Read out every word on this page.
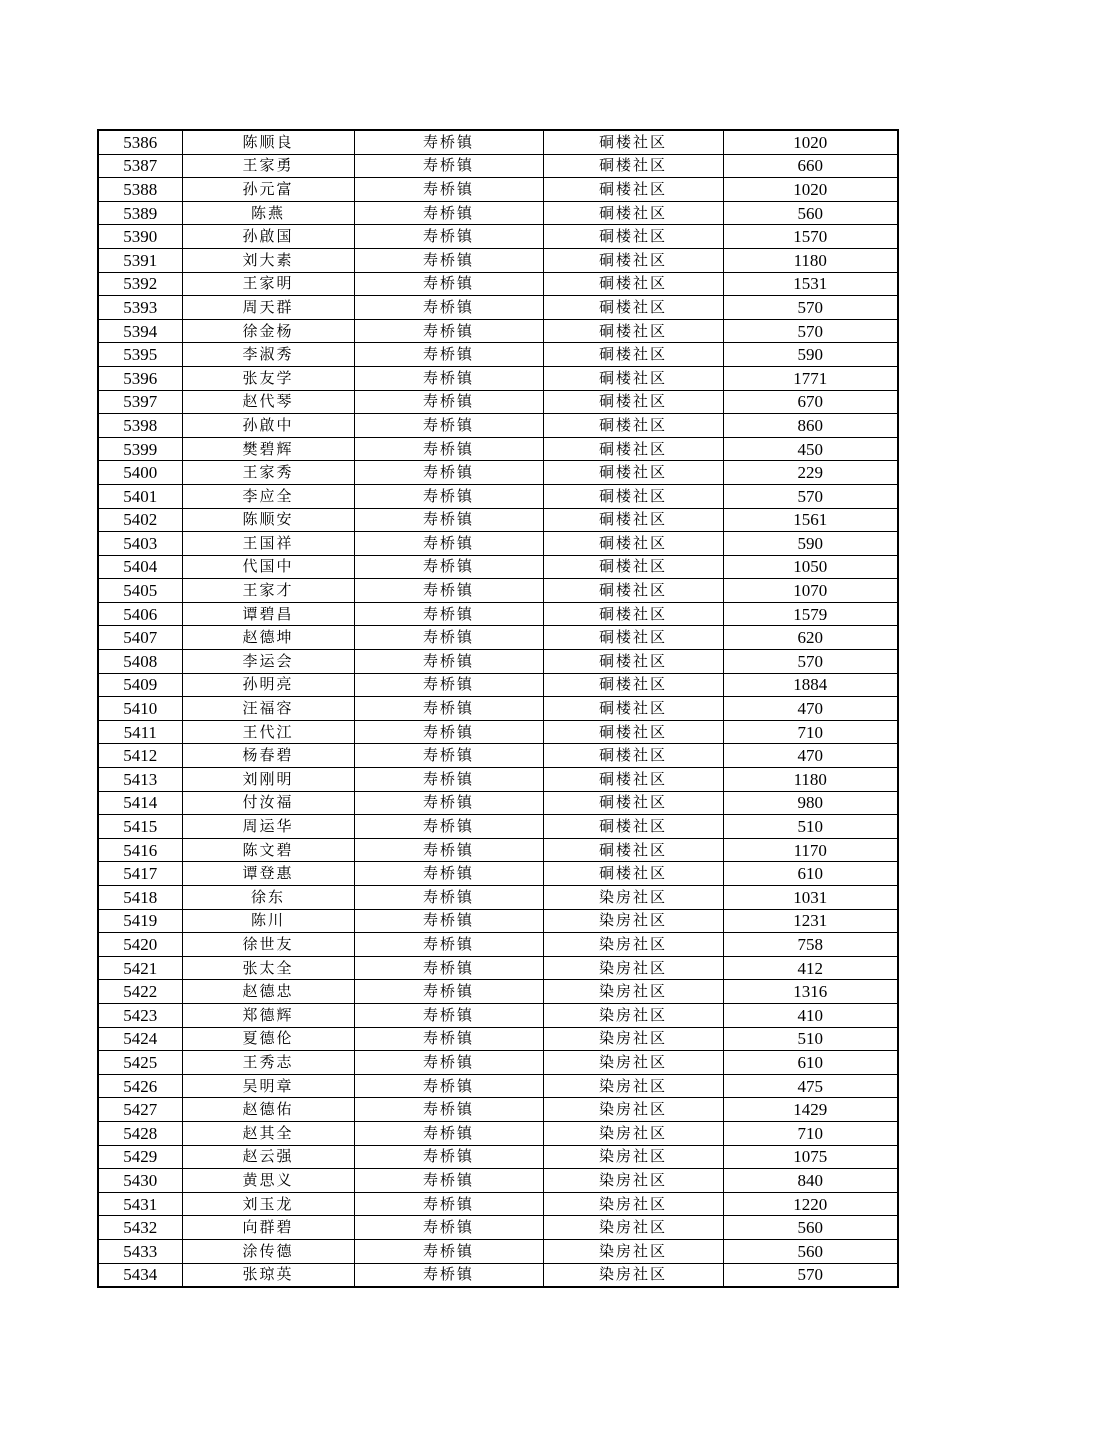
5386	陈顺良	寿桥镇	硐楼社区	1020
5387	王家勇	寿桥镇	硐楼社区	660
5388	孙元富	寿桥镇	硐楼社区	1020
5389	陈燕	寿桥镇	硐楼社区	560
5390	孙啟国	寿桥镇	硐楼社区	1570
5391	刘大素	寿桥镇	硐楼社区	1180
5392	王家明	寿桥镇	硐楼社区	1531
5393	周天群	寿桥镇	硐楼社区	570
5394	徐金杨	寿桥镇	硐楼社区	570
5395	李淑秀	寿桥镇	硐楼社区	590
5396	张友学	寿桥镇	硐楼社区	1771
5397	赵代琴	寿桥镇	硐楼社区	670
5398	孙啟中	寿桥镇	硐楼社区	860
5399	樊碧辉	寿桥镇	硐楼社区	450
5400	王家秀	寿桥镇	硐楼社区	229
5401	李应全	寿桥镇	硐楼社区	570
5402	陈顺安	寿桥镇	硐楼社区	1561
5403	王国祥	寿桥镇	硐楼社区	590
5404	代国中	寿桥镇	硐楼社区	1050
5405	王家才	寿桥镇	硐楼社区	1070
5406	谭碧昌	寿桥镇	硐楼社区	1579
5407	赵德坤	寿桥镇	硐楼社区	620
5408	李运会	寿桥镇	硐楼社区	570
5409	孙明亮	寿桥镇	硐楼社区	1884
5410	汪福容	寿桥镇	硐楼社区	470
5411	王代江	寿桥镇	硐楼社区	710
5412	杨春碧	寿桥镇	硐楼社区	470
5413	刘刚明	寿桥镇	硐楼社区	1180
5414	付汝福	寿桥镇	硐楼社区	980
5415	周运华	寿桥镇	硐楼社区	510
5416	陈文碧	寿桥镇	硐楼社区	1170
5417	谭登惠	寿桥镇	硐楼社区	610
5418	徐东	寿桥镇	染房社区	1031
5419	陈川	寿桥镇	染房社区	1231
5420	徐世友	寿桥镇	染房社区	758
5421	张太全	寿桥镇	染房社区	412
5422	赵德忠	寿桥镇	染房社区	1316
5423	郑德辉	寿桥镇	染房社区	410
5424	夏德伦	寿桥镇	染房社区	510
5425	王秀志	寿桥镇	染房社区	610
5426	吴明章	寿桥镇	染房社区	475
5427	赵德佑	寿桥镇	染房社区	1429
5428	赵其全	寿桥镇	染房社区	710
5429	赵云强	寿桥镇	染房社区	1075
5430	黄思义	寿桥镇	染房社区	840
5431	刘玉龙	寿桥镇	染房社区	1220
5432	向群碧	寿桥镇	染房社区	560
5433	涂传德	寿桥镇	染房社区	560
5434	张琼英	寿桥镇	染房社区	570
